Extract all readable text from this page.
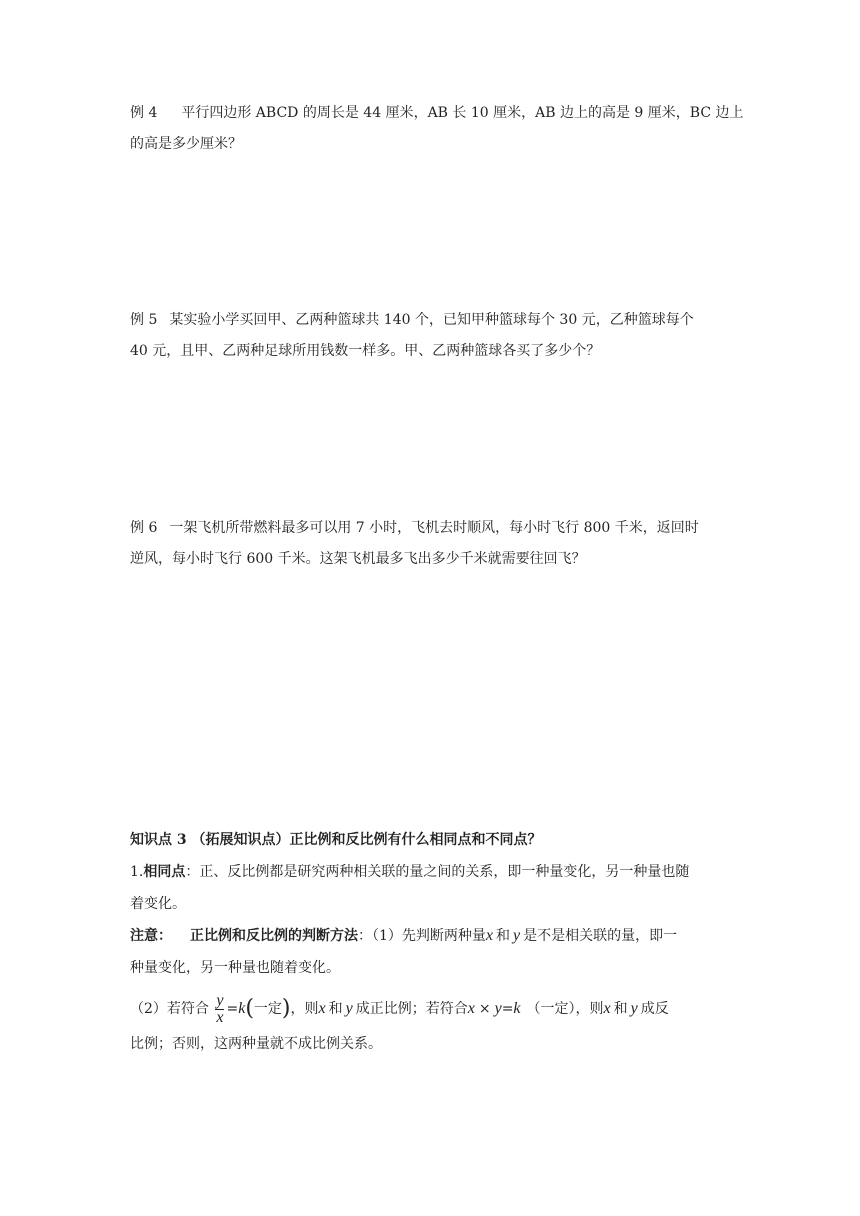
例 4 平行四边形 ABCD 的周长是 44 厘米，AB 长 10 厘米，AB 边上的高是 9 厘米，BC 边上
的高是多少厘米？
例 5 某实验小学买回甲、乙两种篮球共 140 个，已知甲种篮球每个 30 元，乙种篮球每个
40 元，且甲、乙两种足球所用钱数一样多。甲、乙两种篮球各买了多少个？
例 6 一架飞机所带燃料最多可以用 7 小时，飞机去时顺风，每小时飞行 800 千米，返回时
逆风，每小时飞行 600 千米。这架飞机最多飞出多少千米就需要往回飞？
知识点 3 （拓展知识点）正比例和反比例有什么相同点和不同点？
1.相同点：正、反比例都是研究两种相关联的量之间的关系，即一种量变化，另一种量也随
着变化。
注意： 正比例和反比例的判断方法：（1）先判断两种量x 和 y 是不是相关联的量，即一
种量变化，另一种量也随着变化。
（2）若符合 $\frac{y}{x} =k$(一定)，则x 和 y 成正比例；若符合x × y=k （一定），则x 和 y 成反
比例；否则，这两种量就不成比例关系。
